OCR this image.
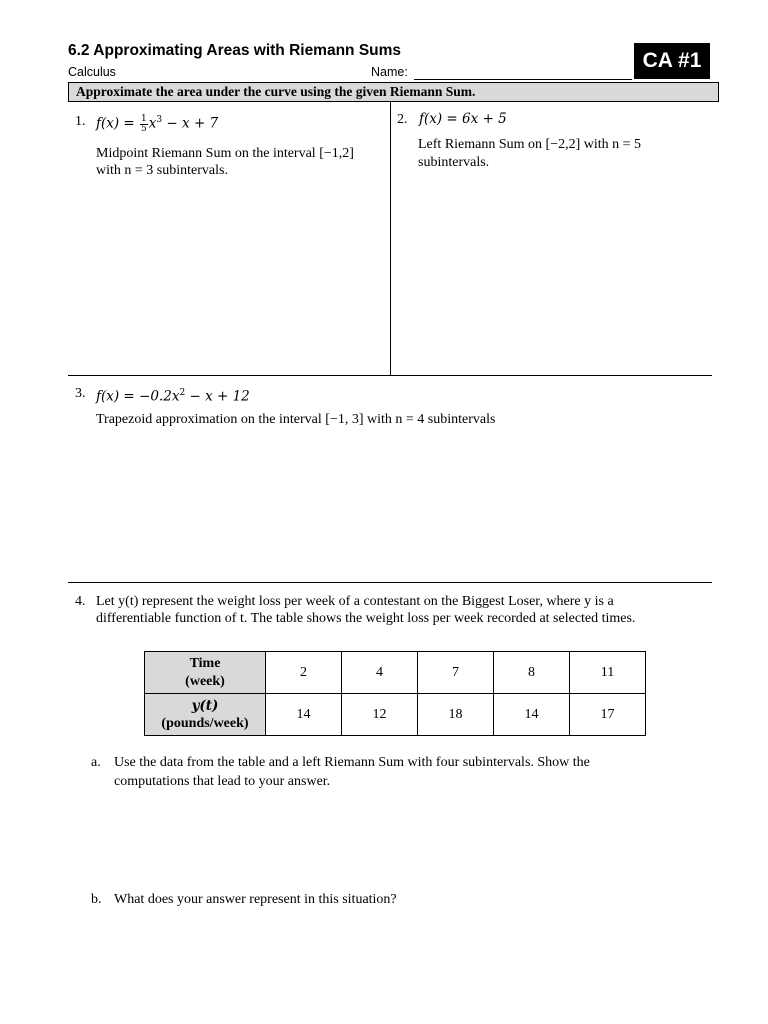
6.2 Approximating Areas with Riemann Sums
Calculus	Name:	CA #1
Approximate the area under the curve using the given Riemann Sum.
1. $f(x) = \frac{1}{5} x^3 - x + 7$
Midpoint Riemann Sum on the interval [−1,2]
with n = 3 subintervals.
2. f(x) = 6x + 5
Left Riemann Sum on [−2,2] with n = 5
subintervals.
3. $f(x) = -0.2x^2 - x + 12$
Trapezoid approximation on the interval [−1, 3] with n = 4 subintervals
4. Let y(t) represent the weight loss per week of a contestant on the Biggest Loser, where y is a
differentiable function of t. The table shows the weight loss per week recorded at selected times.
Time
(week)	2	4	7	8	11

y(t)
(pounds/week)	14	12	18	14	17
a. Use the data from the table and a left Riemann Sum with four subintervals. Show the
computations that lead to your answer.
b. What does your answer represent in this situation?
